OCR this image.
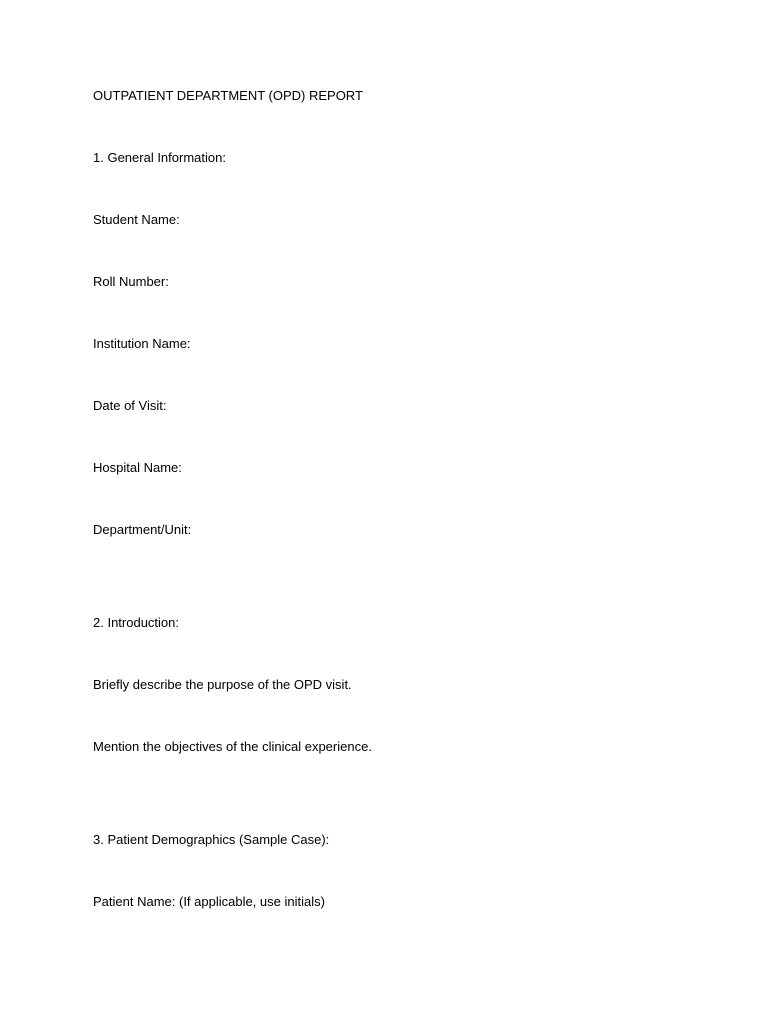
OUTPATIENT DEPARTMENT (OPD) REPORT
1. General Information:
Student Name:
Roll Number:
Institution Name:
Date of Visit:
Hospital Name:
Department/Unit:
2. Introduction:
Briefly describe the purpose of the OPD visit.
Mention the objectives of the clinical experience.
3. Patient Demographics (Sample Case):
Patient Name: (If applicable, use initials)
